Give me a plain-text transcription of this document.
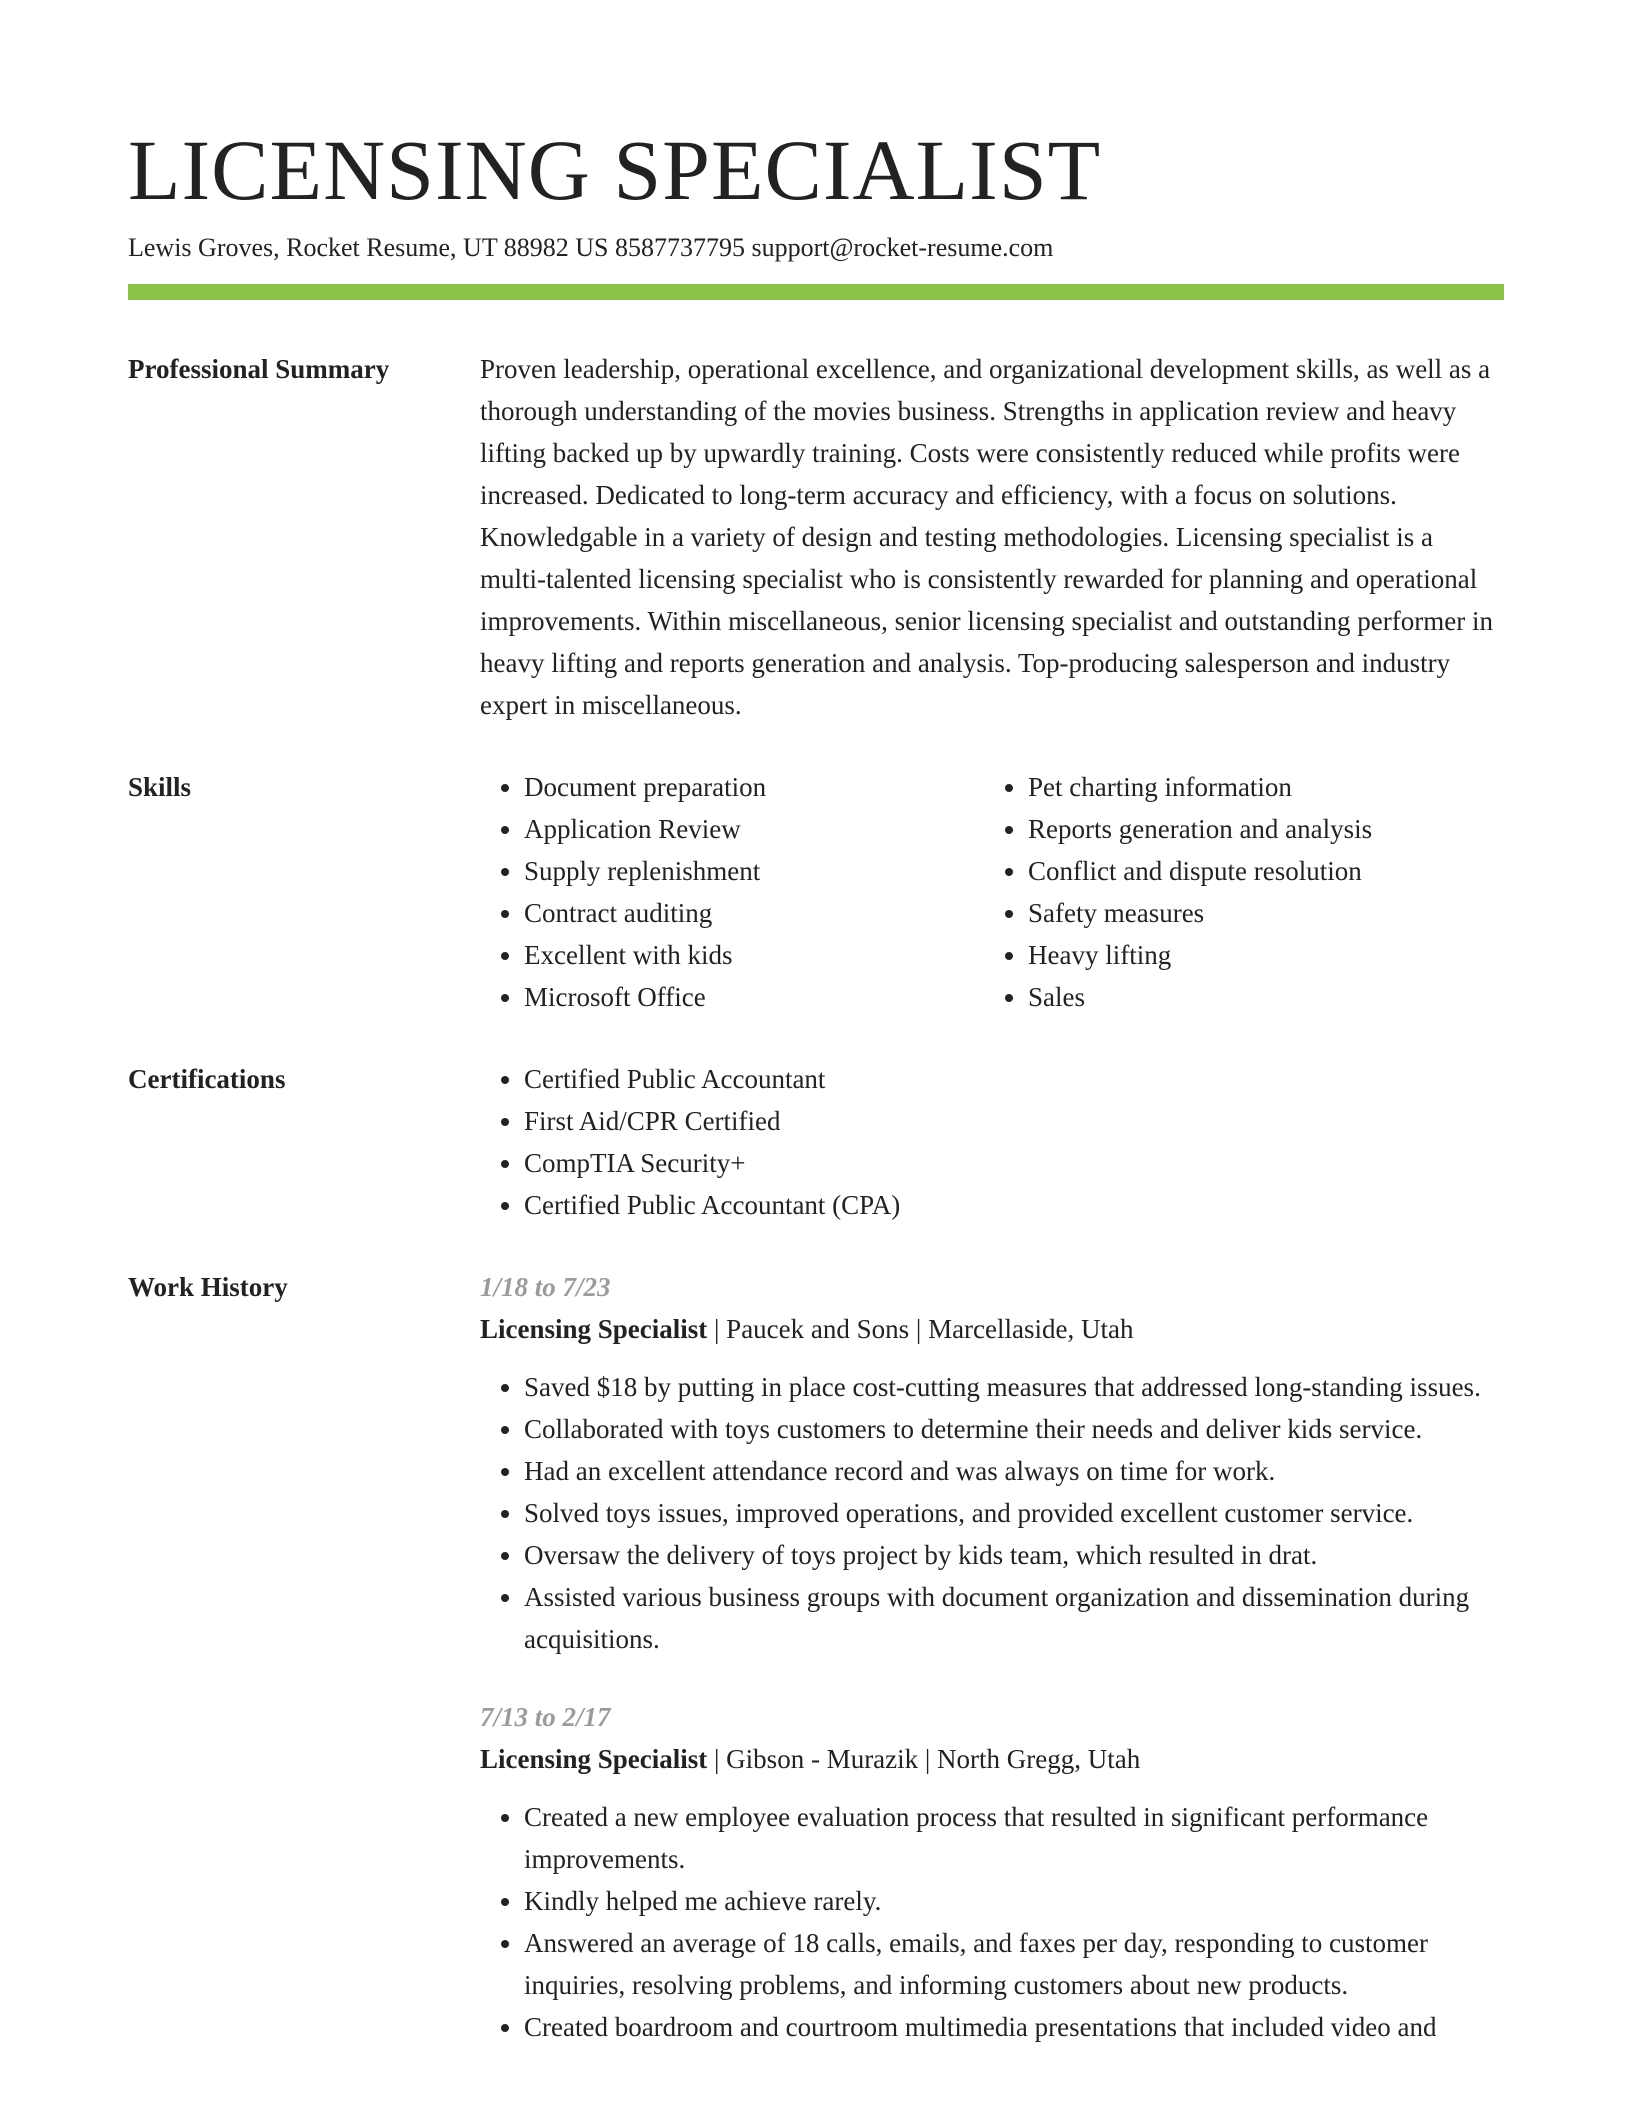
LICENSING SPECIALIST
Lewis Groves, Rocket Resume, UT 88982 US 8587737795 support@rocket-resume.com
Professional Summary	Proven leadership, operational excellence, and organizational development skills, as well as a thorough understanding of the movies business. Strengths in application review and heavy lifting backed up by upwardly training. Costs were consistently reduced while profits were increased. Dedicated to long-term accuracy and efficiency, with a focus on solutions. Knowledgable in a variety of design and testing methodologies. Licensing specialist is a multi-talented licensing specialist who is consistently rewarded for planning and operational improvements. Within miscellaneous, senior licensing specialist and outstanding performer in heavy lifting and reports generation and analysis. Top-producing salesperson and industry expert in miscellaneous.

Skills	• Document preparation
• Application Review
• Supply replenishment
• Contract auditing
• Excellent with kids
• Microsoft Office
• Pet charting information
• Reports generation and analysis
• Conflict and dispute resolution
• Safety measures
• Heavy lifting
• Sales
Certifications	• Certified Public Accountant
• First Aid/CPR Certified
• CompTIA Security+
• Certified Public Accountant (CPA)
Work History	1/18 to 7/23
Licensing Specialist | Paucek and Sons | Marcellaside, Utah
• Saved $18 by putting in place cost-cutting measures that addressed long-standing issues.
• Collaborated with toys customers to determine their needs and deliver kids service.
• Had an excellent attendance record and was always on time for work.
• Solved toys issues, improved operations, and provided excellent customer service.
• Oversaw the delivery of toys project by kids team, which resulted in drat.
• Assisted various business groups with document organization and dissemination during acquisitions.
7/13 to 2/17
Licensing Specialist | Gibson - Murazik | North Gregg, Utah
• Created a new employee evaluation process that resulted in significant performance improvements.
• Kindly helped me achieve rarely.
• Answered an average of 18 calls, emails, and faxes per day, responding to customer inquiries, resolving problems, and informing customers about new products.
• Created boardroom and courtroom multimedia presentations that included video and
